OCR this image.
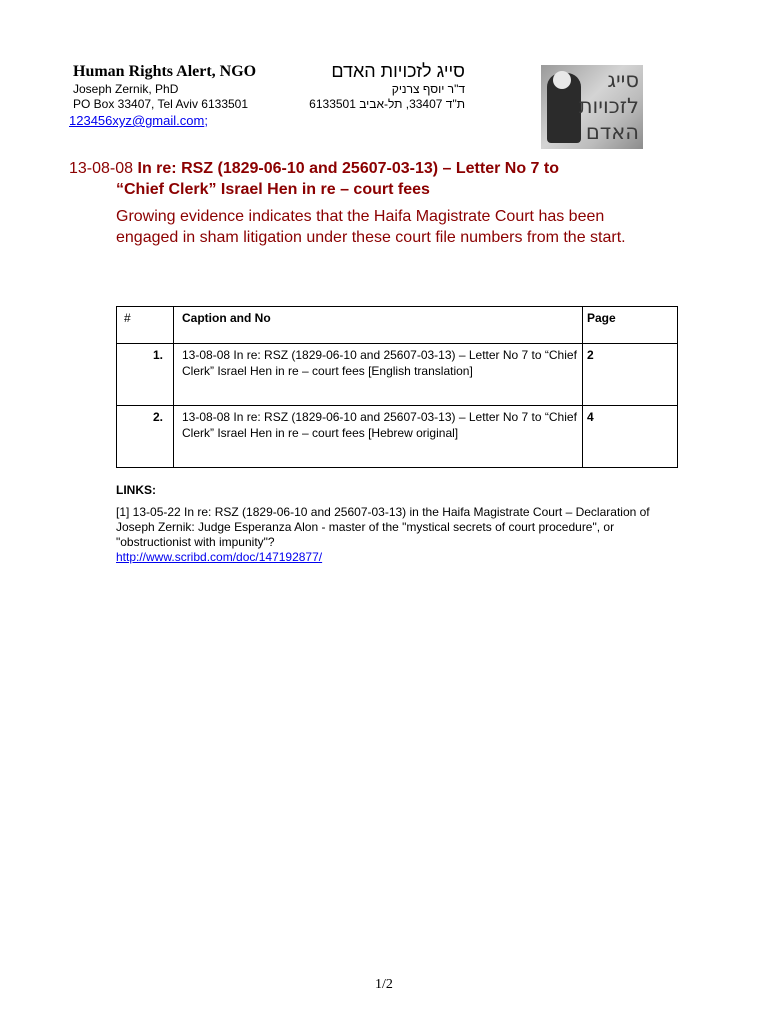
Human Rights Alert, NGO	סייג לזכויות האדם
Joseph Zernik, PhD
PO Box 33407, Tel Aviv 6133501
ד"ר יוסף צרניק
ת"ד 33407, תל-אביב 6133501
123456xyz@gmail.com;
סייג לזכויות האדם
13-08-08 In re: RSZ (1829-06-10 and 25607-03-13) – Letter No 7 to
“Chief Clerk” Israel Hen in re – court fees
Growing evidence indicates that the Haifa Magistrate Court has been engaged in sham litigation under these court file numbers from the start.
#	Caption and No	Page
1.	13-08-08 In re: RSZ (1829-06-10 and 25607-03-13) – Letter No 7 to “Chief Clerk” Israel Hen in re – court fees [English translation]	2
2.	13-08-08 In re: RSZ (1829-06-10 and 25607-03-13) – Letter No 7 to “Chief Clerk” Israel Hen in re – court fees [Hebrew original]	4
LINKS:
[1] 13-05-22 In re: RSZ (1829-06-10 and 25607-03-13) in the Haifa Magistrate Court – Declaration of Joseph Zernik: Judge Esperanza Alon - master of the "mystical secrets of court procedure", or "obstructionist with impunity"?
http://www.scribd.com/doc/147192877/
1/2
